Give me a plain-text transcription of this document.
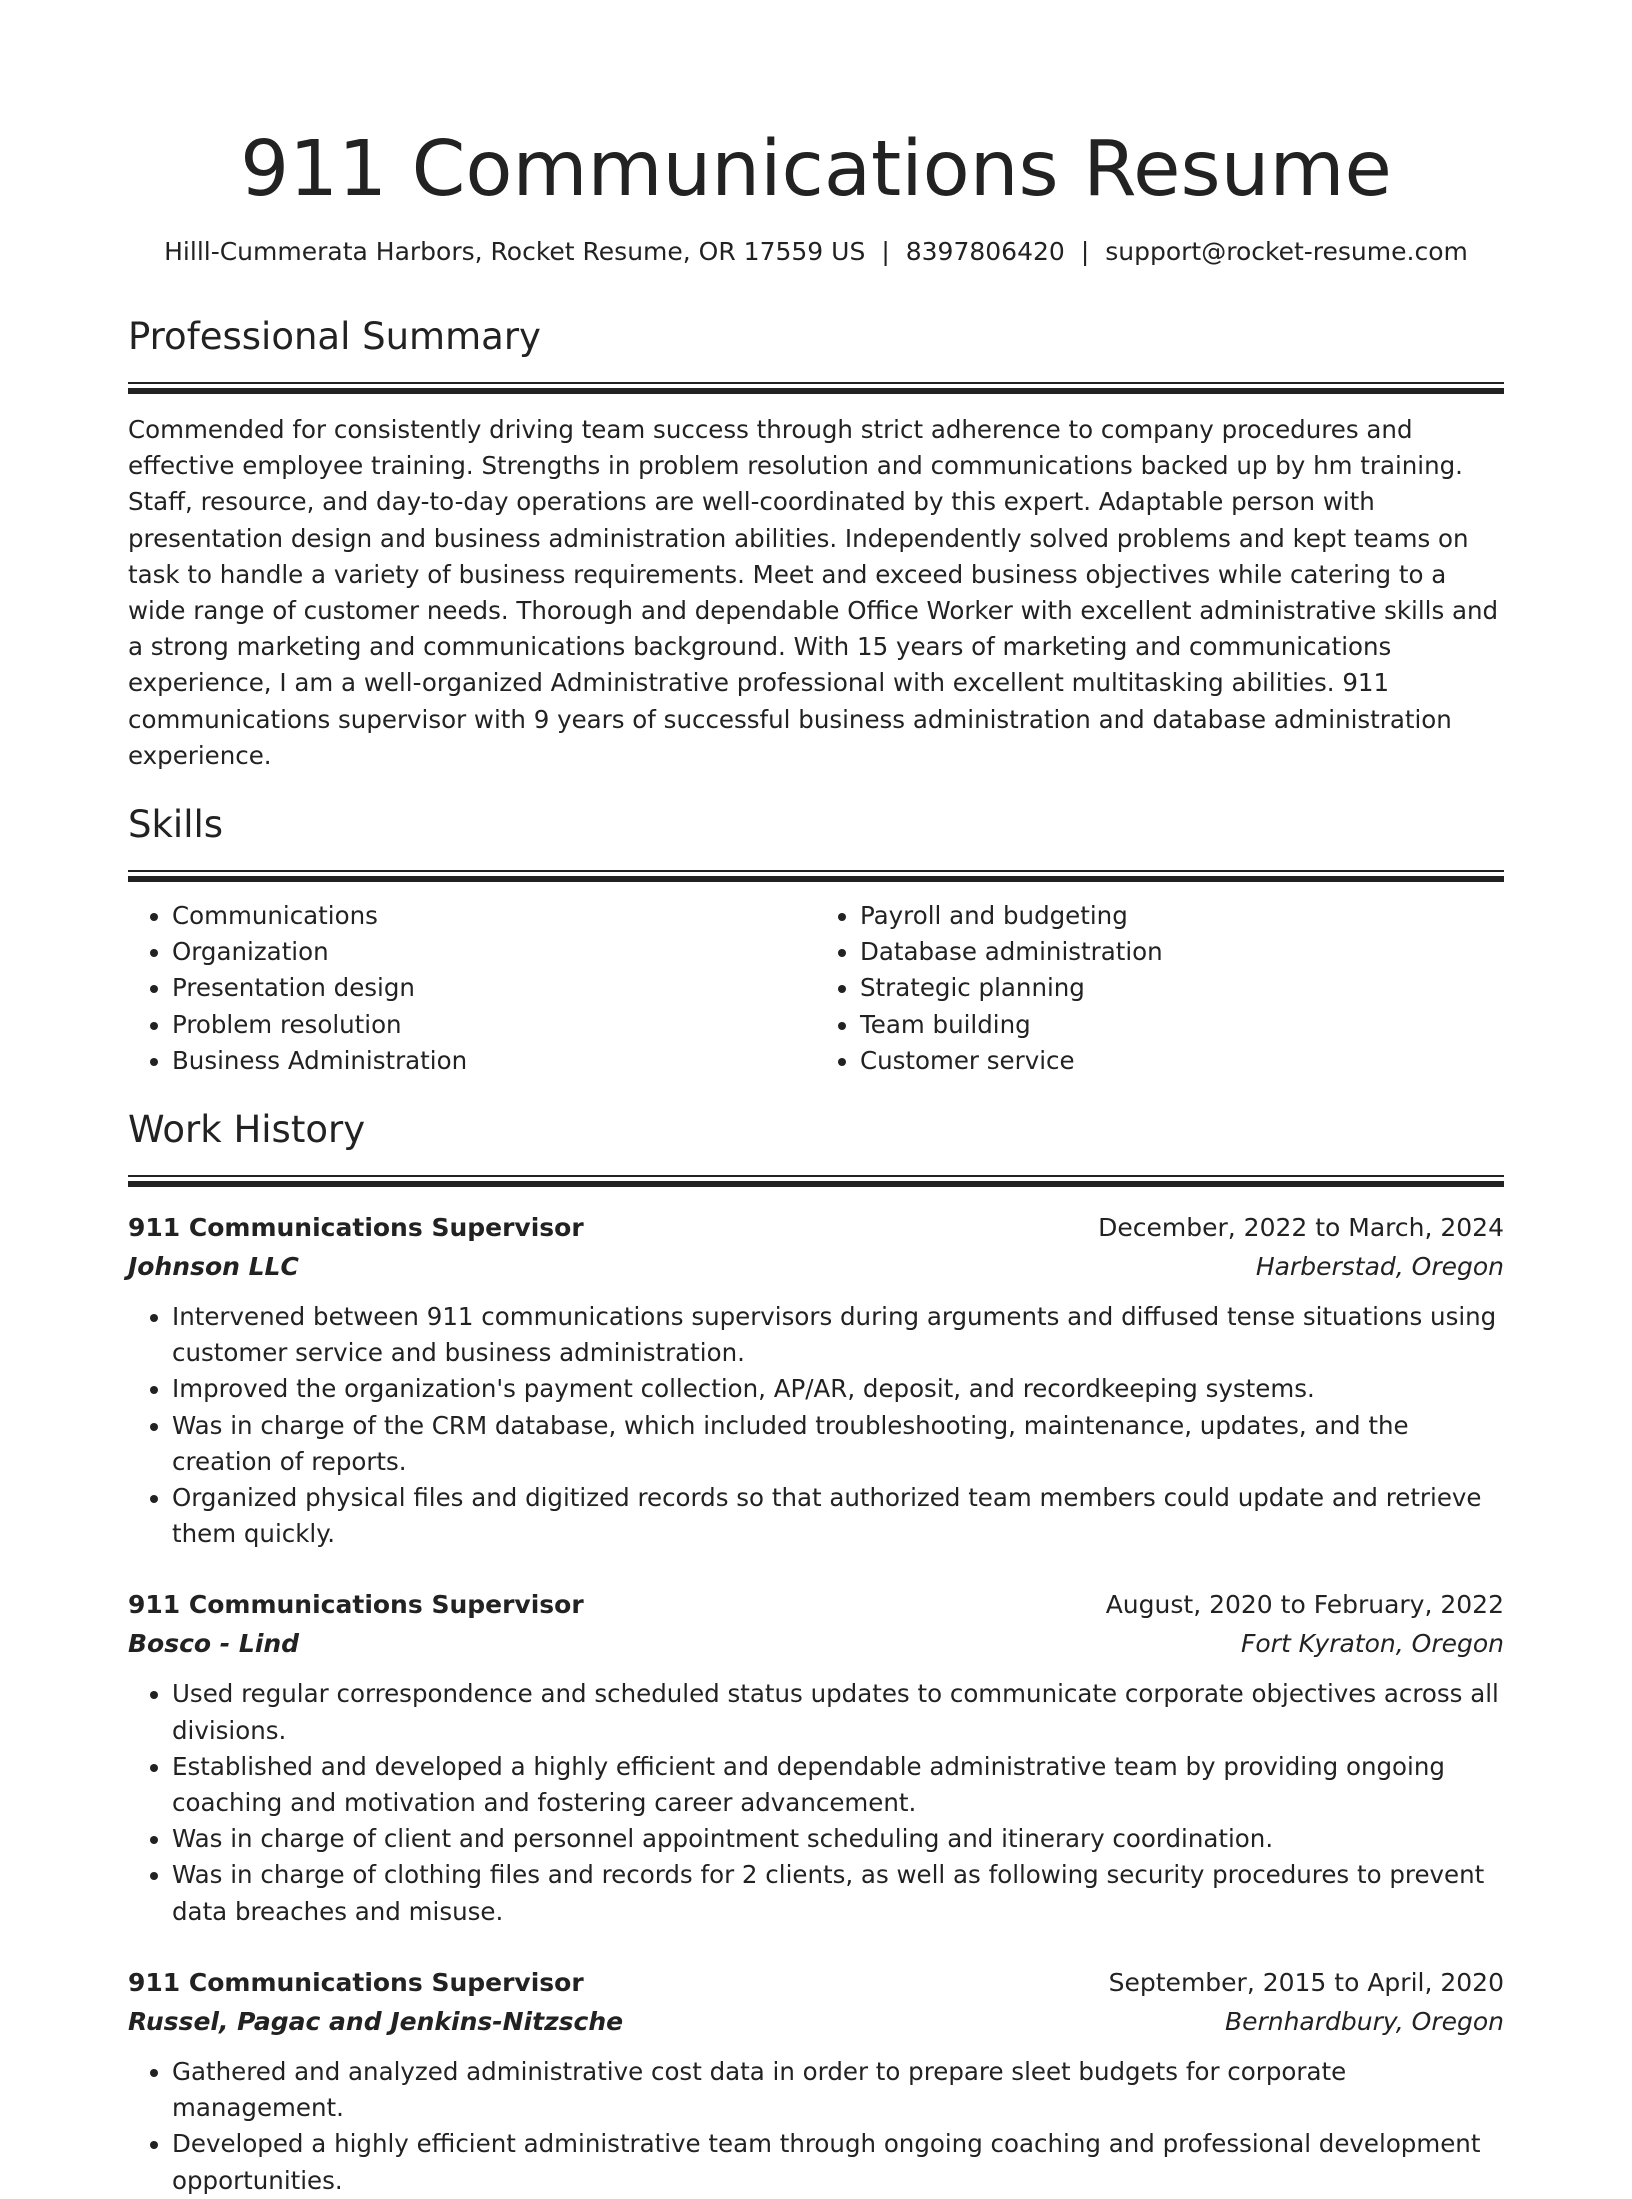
911 Communications Resume
Hilll-Cummerata Harbors, Rocket Resume, OR 17559 US | 8397806420 | support@rocket-resume.com
Professional Summary

Commended for consistently driving team success through strict adherence to company procedures and effective employee training. Strengths in problem resolution and communications backed up by hm training. Staff, resource, and day-to-day operations are well-coordinated by this expert. Adaptable person with presentation design and business administration abilities. Independently solved problems and kept teams on task to handle a variety of business requirements. Meet and exceed business objectives while catering to a wide range of customer needs. Thorough and dependable Office Worker with excellent administrative skills and a strong marketing and communications background. With 15 years of marketing and communications experience, I am a well-organized Administrative professional with excellent multitasking abilities. 911 communications supervisor with 9 years of successful business administration and database administration experience.

Skills
• Communications
• Organization
• Presentation design
• Problem resolution
• Business Administration
• Payroll and budgeting
• Database administration
• Strategic planning
• Team building
• Customer service
Work History
911 Communications Supervisor	December, 2022 to March, 2024
Johnson LLC	Harberstad, Oregon
• Intervened between 911 communications supervisors during arguments and diffused tense situations using customer service and business administration.
• Improved the organization's payment collection, AP/AR, deposit, and recordkeeping systems.
• Was in charge of the CRM database, which included troubleshooting, maintenance, updates, and the creation of reports.
• Organized physical files and digitized records so that authorized team members could update and retrieve them quickly.
911 Communications Supervisor	August, 2020 to February, 2022
Bosco - Lind	Fort Kyraton, Oregon
• Used regular correspondence and scheduled status updates to communicate corporate objectives across all divisions.
• Established and developed a highly efficient and dependable administrative team by providing ongoing coaching and motivation and fostering career advancement.
• Was in charge of client and personnel appointment scheduling and itinerary coordination.
• Was in charge of clothing files and records for 2 clients, as well as following security procedures to prevent data breaches and misuse.
911 Communications Supervisor	September, 2015 to April, 2020
Russel, Pagac and Jenkins-Nitzsche	Bernhardbury, Oregon
• Gathered and analyzed administrative cost data in order to prepare sleet budgets for corporate management.
• Developed a highly efficient administrative team through ongoing coaching and professional development opportunities.
